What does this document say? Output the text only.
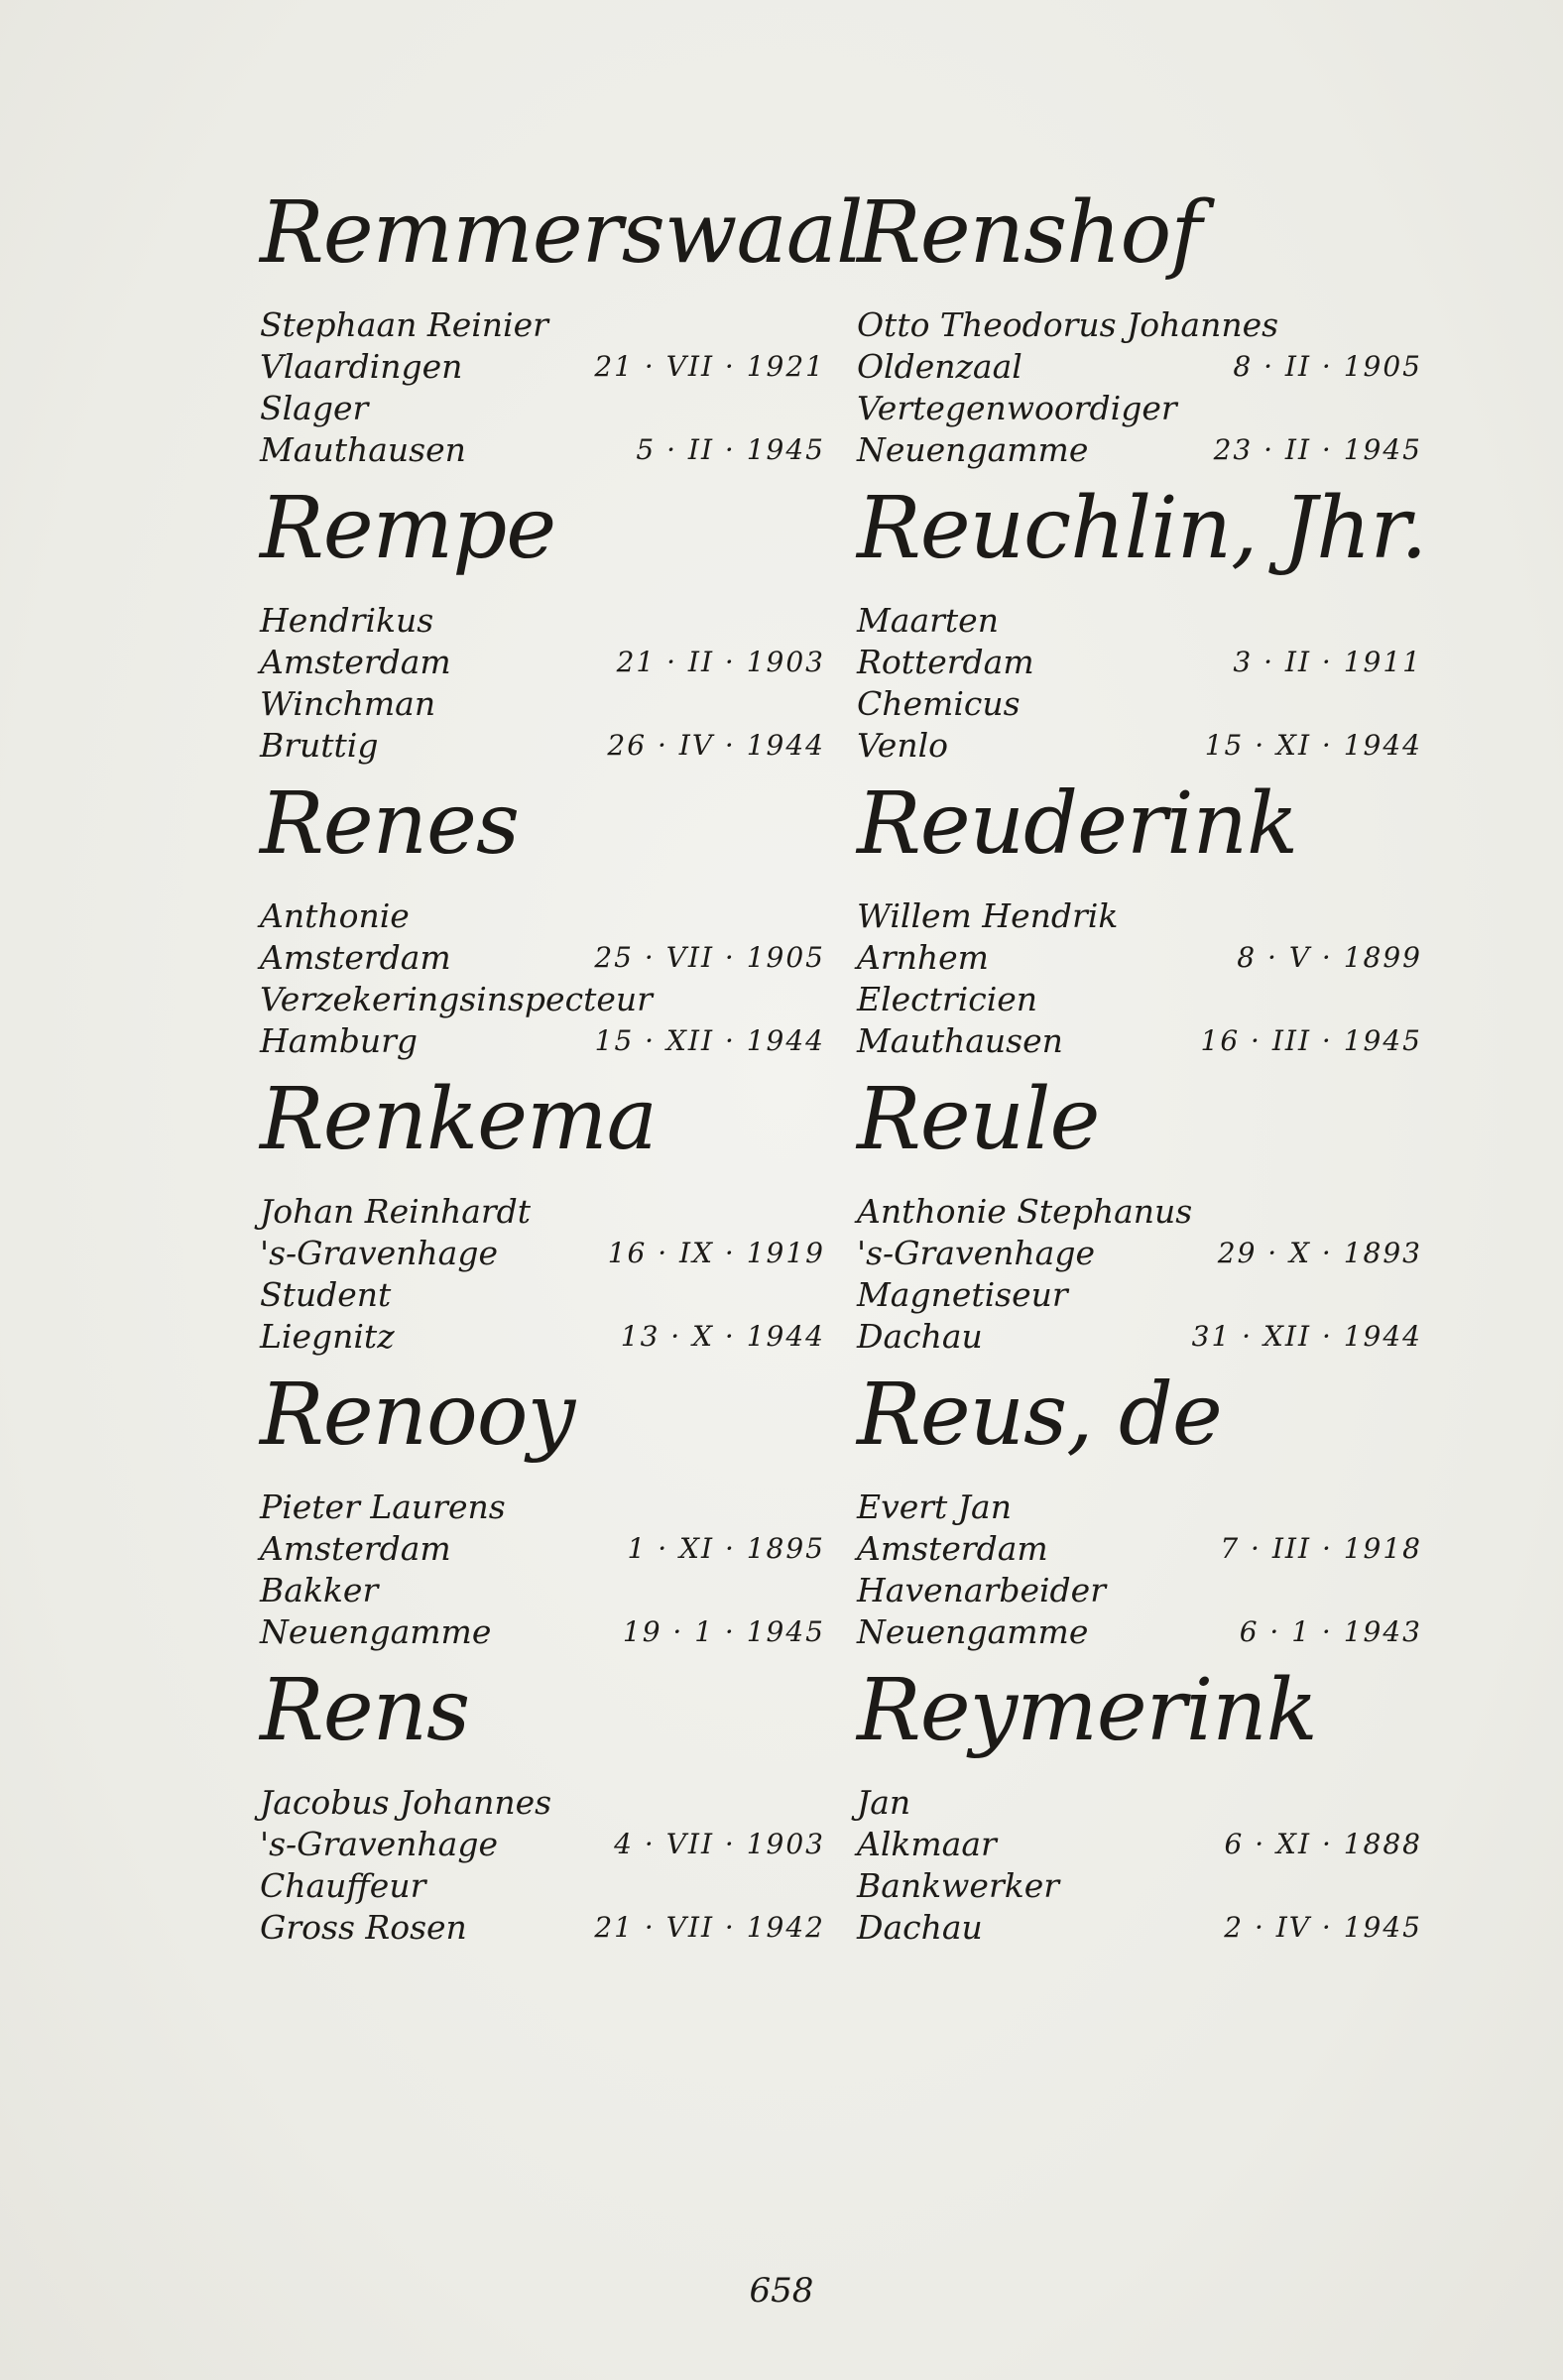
Remmerswaal
Stephaan Reinier
Vlaardingen	21 · VII · 1921
Slager
Mauthausen	5 · II · 1945
Rempe
Hendrikus
Amsterdam	21 · II · 1903
Winchman
Bruttig	26 · IV · 1944
Renes
Anthonie
Amsterdam	25 · VII · 1905
Verzekeringsinspecteur
Hamburg	15 · XII · 1944
Renkema
Johan Reinhardt
's-Gravenhage	16 · IX · 1919
Student
Liegnitz	13 · X · 1944
Renooy
Pieter Laurens
Amsterdam	1 · XI · 1895
Bakker
Neuengamme	19 · 1 · 1945
Rens
Jacobus Johannes
's-Gravenhage	4 · VII · 1903
Chauffeur
Gross Rosen	21 · VII · 1942
Renshof
Otto Theodorus Johannes
Oldenzaal	8 · II · 1905
Vertegenwoordiger
Neuengamme	23 · II · 1945
Reuchlin, Jhr.
Maarten
Rotterdam	3 · II · 1911
Chemicus
Venlo	15 · XI · 1944
Reuderink
Willem Hendrik
Arnhem	8 · V · 1899
Electricien
Mauthausen	16 · III · 1945
Reule
Anthonie Stephanus
's-Gravenhage	29 · X · 1893
Magnetiseur
Dachau	31 · XII · 1944
Reus, de
Evert Jan
Amsterdam	7 · III · 1918
Havenarbeider
Neuengamme	6 · 1 · 1943
Reymerink
Jan
Alkmaar	6 · XI · 1888
Bankwerker
Dachau	2 · IV · 1945
658
